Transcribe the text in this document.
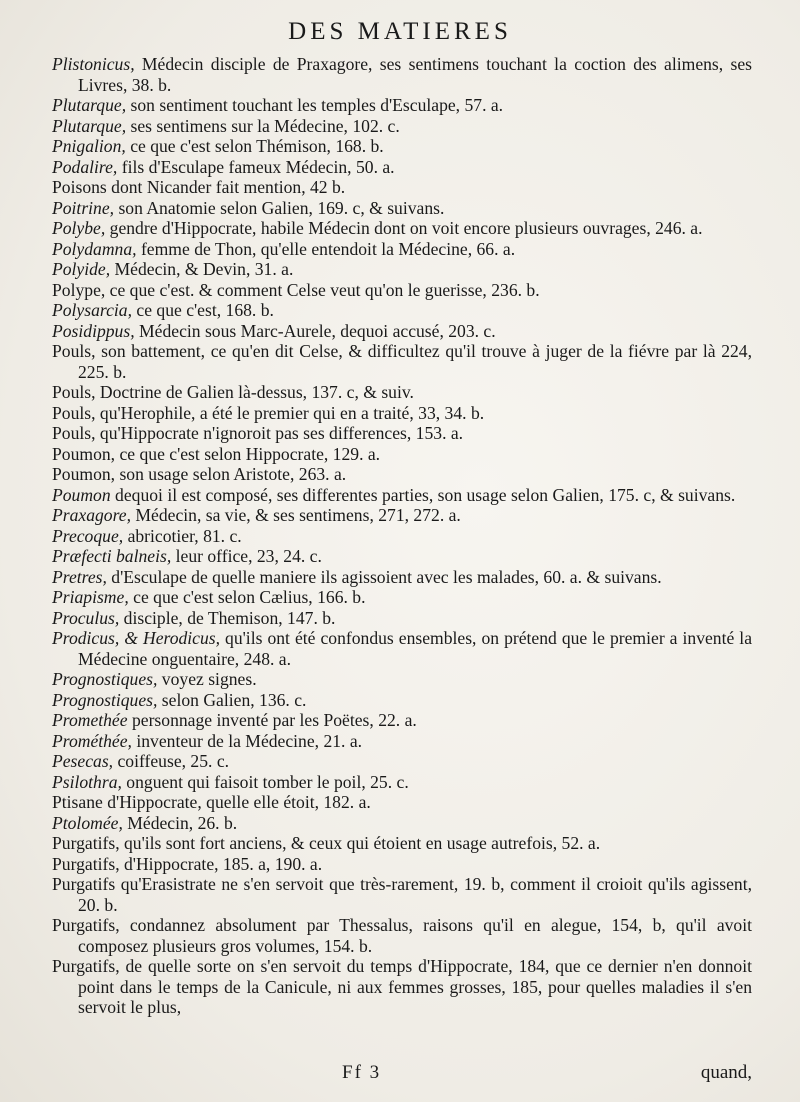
DES MATIERES
Plistonicus, Médecin disciple de Praxagore, ses sentimens touchant la coction des alimens, ses Livres, 38. b.
Plutarque, son sentiment touchant les temples d'Esculape, 57. a.
Plutarque, ses sentimens sur la Médecine, 102. c.
Pnigalion, ce que c'est selon Thémison, 168. b.
Podalire, fils d'Esculape fameux Médecin, 50. a.
Poisons dont Nicander fait mention, 42 b.
Poitrine, son Anatomie selon Galien, 169. c, & suivans.
Polybe, gendre d'Hippocrate, habile Médecin dont on voit encore plusieurs ouvrages, 246. a.
Polydamna, femme de Thon, qu'elle entendoit la Médecine, 66. a.
Polyide, Médecin, & Devin, 31. a.
Polype, ce que c'est. & comment Celse veut qu'on le guerisse, 236. b.
Polysarcia, ce que c'est, 168. b.
Posidippus, Médecin sous Marc-Aurele, dequoi accusé, 203. c.
Pouls, son battement, ce qu'en dit Celse, & difficultez qu'il trouve à juger de la fiévre par là 224, 225. b.
Pouls, Doctrine de Galien là-dessus, 137. c, & suiv.
Pouls, qu'Herophile, a été le premier qui en a traité, 33, 34. b.
Pouls, qu'Hippocrate n'ignoroit pas ses differences, 153. a.
Poumon, ce que c'est selon Hippocrate, 129. a.
Poumon, son usage selon Aristote, 263. a.
Poumon dequoi il est composé, ses differentes parties, son usage selon Galien, 175. c, & suivans.
Praxagore, Médecin, sa vie, & ses sentimens, 271, 272. a.
Precoque, abricotier, 81. c.
Præfecti balneis, leur office, 23, 24. c.
Pretres, d'Esculape de quelle maniere ils agissoient avec les malades, 60. a. & suivans.
Priapisme, ce que c'est selon Cælius, 166. b.
Proculus, disciple, de Themison, 147. b.
Prodicus, & Herodicus, qu'ils ont été confondus ensembles, on prétend que le premier a inventé la Médecine onguentaire, 248. a.
Prognostiques, voyez signes.
Prognostiques, selon Galien, 136. c.
Promethée personnage inventé par les Poëtes, 22. a.
Prométhée, inventeur de la Médecine, 21. a.
Pesecas, coiffeuse, 25. c.
Psilothra, onguent qui faisoit tomber le poil, 25. c.
Ptisane d'Hippocrate, quelle elle étoit, 182. a.
Ptolomée, Médecin, 26. b.
Purgatifs, qu'ils sont fort anciens, & ceux qui étoient en usage autrefois, 52. a.
Purgatifs, d'Hippocrate, 185. a, 190. a.
Purgatifs qu'Erasistrate ne s'en servoit que très-rarement, 19. b, comment il croioit qu'ils agissent, 20. b.
Purgatifs, condannez absolument par Thessalus, raisons qu'il en alegue, 154, b, qu'il avoit composez plusieurs gros volumes, 154. b.
Purgatifs, de quelle sorte on s'en servoit du temps d'Hippocrate, 184, que ce dernier n'en donnoit point dans le temps de la Canicule, ni aux femmes grosses, 185, pour quelles maladies il s'en servoit le plus,
Ff 3	quand,
